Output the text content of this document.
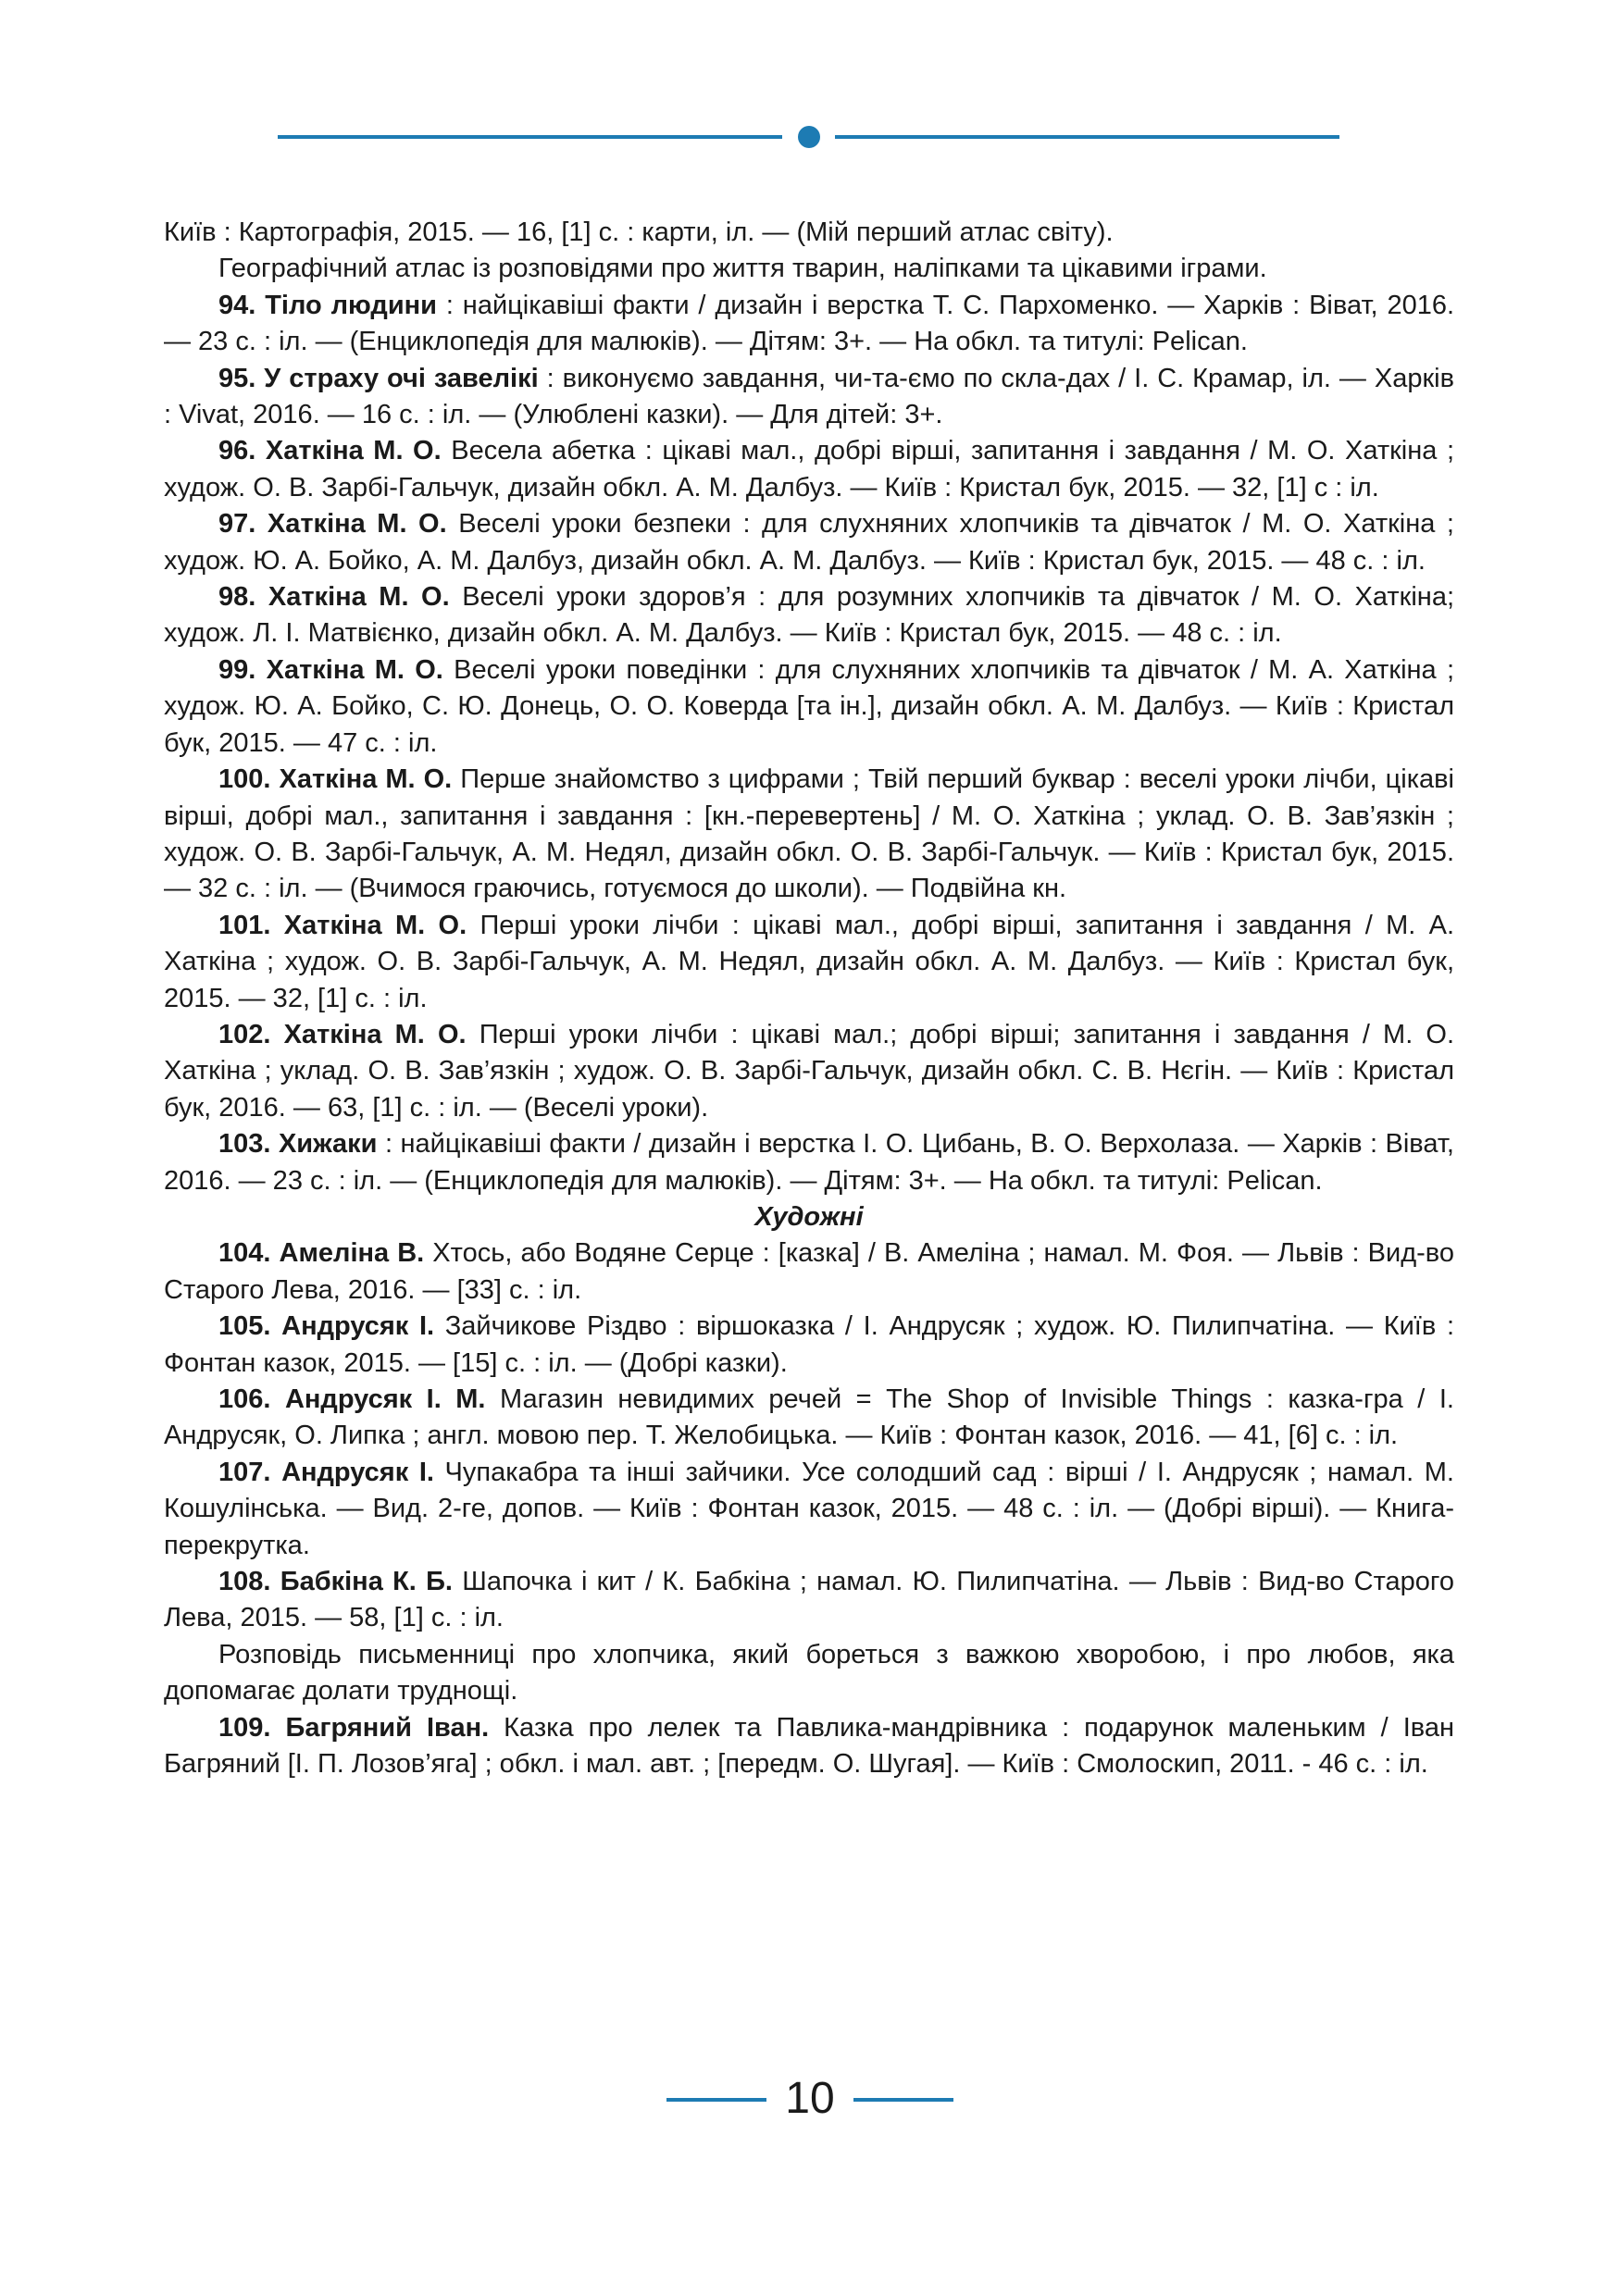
Київ : Картографія, 2015. — 16, [1] с. : карти, іл. — (Мій перший атлас світу).

Географічний атлас із розповідями про життя тварин, наліпками та цікавими іграми.

94. Тіло людини : найцікавіші факти / дизайн і верстка Т. С. Пархоменко. — Харків : Віват, 2016. — 23 с. : іл. — (Енциклопедія для малюків). — Дітям: 3+. — На обкл. та титулі: Pelican.

95. У страху очі завелікі : виконуємо завдання, чи-та-ємо по скла-дах / І. С. Крамар, іл. — Харків : Vivat, 2016. — 16 с. : іл. — (Улюблені казки). — Для дітей: 3+.

96. Хаткіна М. О. Весела абетка : цікаві мал., добрі вірші, запитання і завдання / М. О. Хаткіна ; худож. О. В. Зарбі-Гальчук, дизайн обкл. А. М. Далбуз. — Київ : Кристал бук, 2015. — 32, [1] с : іл.

97. Хаткіна М. О. Веселі уроки безпеки : для слухняних хлопчиків та дівчаток / М. О. Хаткіна ; худож. Ю. А. Бойко, А. М. Далбуз, дизайн обкл. А. М. Далбуз. — Київ : Кристал бук, 2015. — 48 с. : іл.

98. Хаткіна М. О. Веселі уроки здоров’я : для розумних хлопчиків та дівчаток / М. О. Хаткіна; худож. Л. І. Матвієнко, дизайн обкл. А. М. Далбуз. — Київ : Кристал бук, 2015. — 48 с. : іл.

99. Хаткіна М. О. Веселі уроки поведінки : для слухняних хлопчиків та дівчаток / М. А. Хаткіна ; худож. Ю. А. Бойко, С. Ю. Донець, О. О. Коверда [та ін.], дизайн обкл. А. М. Далбуз. — Київ : Кристал бук, 2015. — 47 с. : іл.

100. Хаткіна М. О. Перше знайомство з цифрами ; Твій перший буквар : веселі уроки лічби, цікаві вірші, добрі мал., запитання і завдання : [кн.-перевертень] / М. О. Хаткіна ; уклад. О. В. Зав’язкін ; худож. О. В. Зарбі-Гальчук, А. М. Недял, дизайн обкл. О. В. Зарбі-Гальчук. — Київ : Кристал бук, 2015. — 32 с. : іл. — (Вчимося граючись, готуємося до школи). — Подвійна кн.

101. Хаткіна М. О. Перші уроки лічби : цікаві мал., добрі вірші, запитання і завдання / М. А. Хаткіна ; худож. О. В. Зарбі-Гальчук, А. М. Недял, дизайн обкл. А. М. Далбуз. — Київ : Кристал бук, 2015. — 32, [1] с. : іл.

102. Хаткіна М. О. Перші уроки лічби : цікаві мал.; добрі вірші; запитання і завдання / М. О. Хаткіна ; уклад. О. В. Зав’язкін ; худож. О. В. Зарбі-Гальчук, дизайн обкл. С. В. Нєгін. — Київ : Кристал бук, 2016. — 63, [1] с. : іл. — (Веселі уроки).

103. Хижаки : найцікавіші факти / дизайн і верстка І. О. Цибань, В. О. Верхолаза. — Харків : Віват, 2016. — 23 с. : іл. — (Енциклопедія для малюків). — Дітям: 3+. — На обкл. та титулі: Pelican.

Художні

104. Амеліна В. Хтось, або Водяне Серце : [казка] / В. Амеліна ; намал. М. Фоя. — Львів : Вид-во Старого Лева, 2016. — [33] с. : іл.

105. Андрусяк І. Зайчикове Різдво : віршоказка / І. Андрусяк ; худож. Ю. Пилипчатіна. — Київ : Фонтан казок, 2015. — [15] с. : іл. — (Добрі казки).

106. Андрусяк І. М. Магазин невидимих речей = The Shop of Invisible Things : казка-гра / І. Андрусяк, О. Липка ; англ. мовою пер. Т. Желобицька. — Київ : Фонтан казок, 2016. — 41, [6] с. : іл.

107. Андрусяк І. Чупакабра та інші зайчики. Усе солодший сад : вірші / І. Андрусяк ; намал. М. Кошулінська. — Вид. 2-ге, допов. — Київ : Фонтан казок, 2015. — 48 с. : іл. — (Добрі вірші). — Книга-перекрутка.

108. Бабкіна К. Б. Шапочка і кит / К. Бабкіна ; намал. Ю. Пилипчатіна. — Львів : Вид-во Старого Лева, 2015. — 58, [1] с. : іл.

Розповідь письменниці про хлопчика, який бореться з важкою хворобою, і про любов, яка допомагає долати труднощі.

109. Багряний Іван. Казка про лелек та Павлика-мандрівника : подарунок маленьким / Іван Багряний [І. П. Лозов’яга] ; обкл. і мал. авт. ; [передм. О. Шугая]. — Київ : Смолоскип, 2011. - 46 с. : іл.

10
